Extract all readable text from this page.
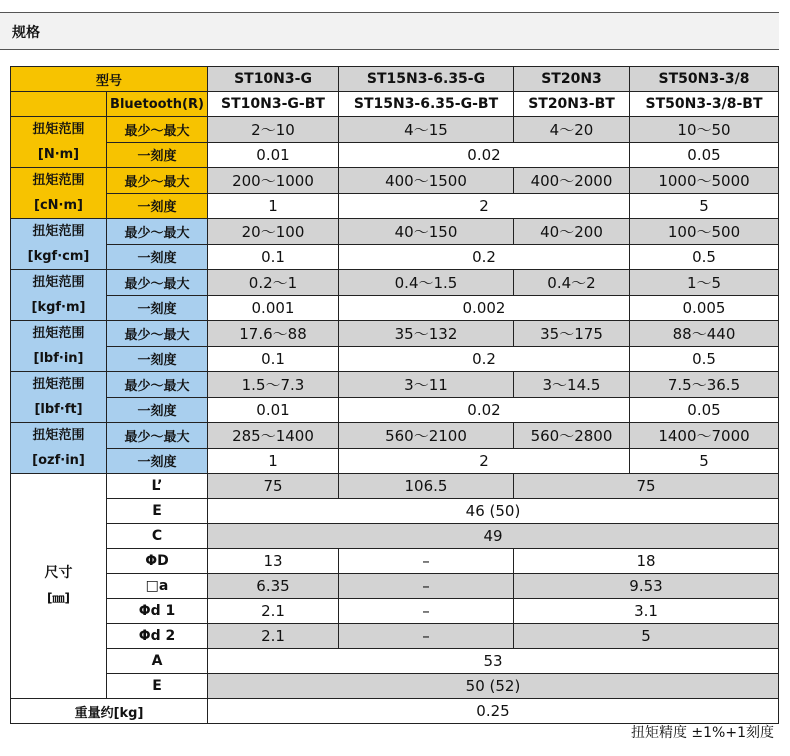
规格
型号		ST10N3-G	ST15N3-6.35-G	ST20N3	ST50N3-3/8
	Bluetooth(R)	ST10N3-G-BT	ST15N3-6.35-G-BT	ST20N3-BT	ST50N3-3/8-BT

扭矩范围
[N·m]	最少～最大	2～10	4～15	4～20	10～50
	一刻度	0.01	0.02		0.05

扭矩范围
[cN·m]	最少～最大	200～1000	400～1500	400～2000	1000～5000
	一刻度	1	2		5

扭矩范围
[kgf·cm]	最少～最大	20～100	40～150	40～200	100～500
	一刻度	0.1	0.2		0.5

扭矩范围
[kgf·m]	最少～最大	0.2～1	0.4～1.5	0.4～2	1～5
	一刻度	0.001	0.002		0.005

扭矩范围
[lbf·in]	最少～最大	17.6～88	35～132	35～175	88～440
	一刻度	0.1	0.2		0.5

扭矩范围
[lbf·ft]	最少～最大	1.5～7.3	3～11	3～14.5	7.5～36.5
	一刻度	0.01	0.02		0.05

扭矩范围
[ozf·in]	最少～最大	285～1400	560～2100	560～2800	1400～7000
	一刻度	1	2		5

尺寸
[㎜]	L’	75	106.5	75	
	E	46 (50)			
	C	49			
	ΦD	13	–	18	
	□a	6.35	–	9.53	
	Φd 1	2.1	–	3.1	
	Φd 2	2.1	–	5	
	A	53			
	E	50 (52)			
重量约[kg]		0.25			
扭矩精度 ±1%+1刻度
